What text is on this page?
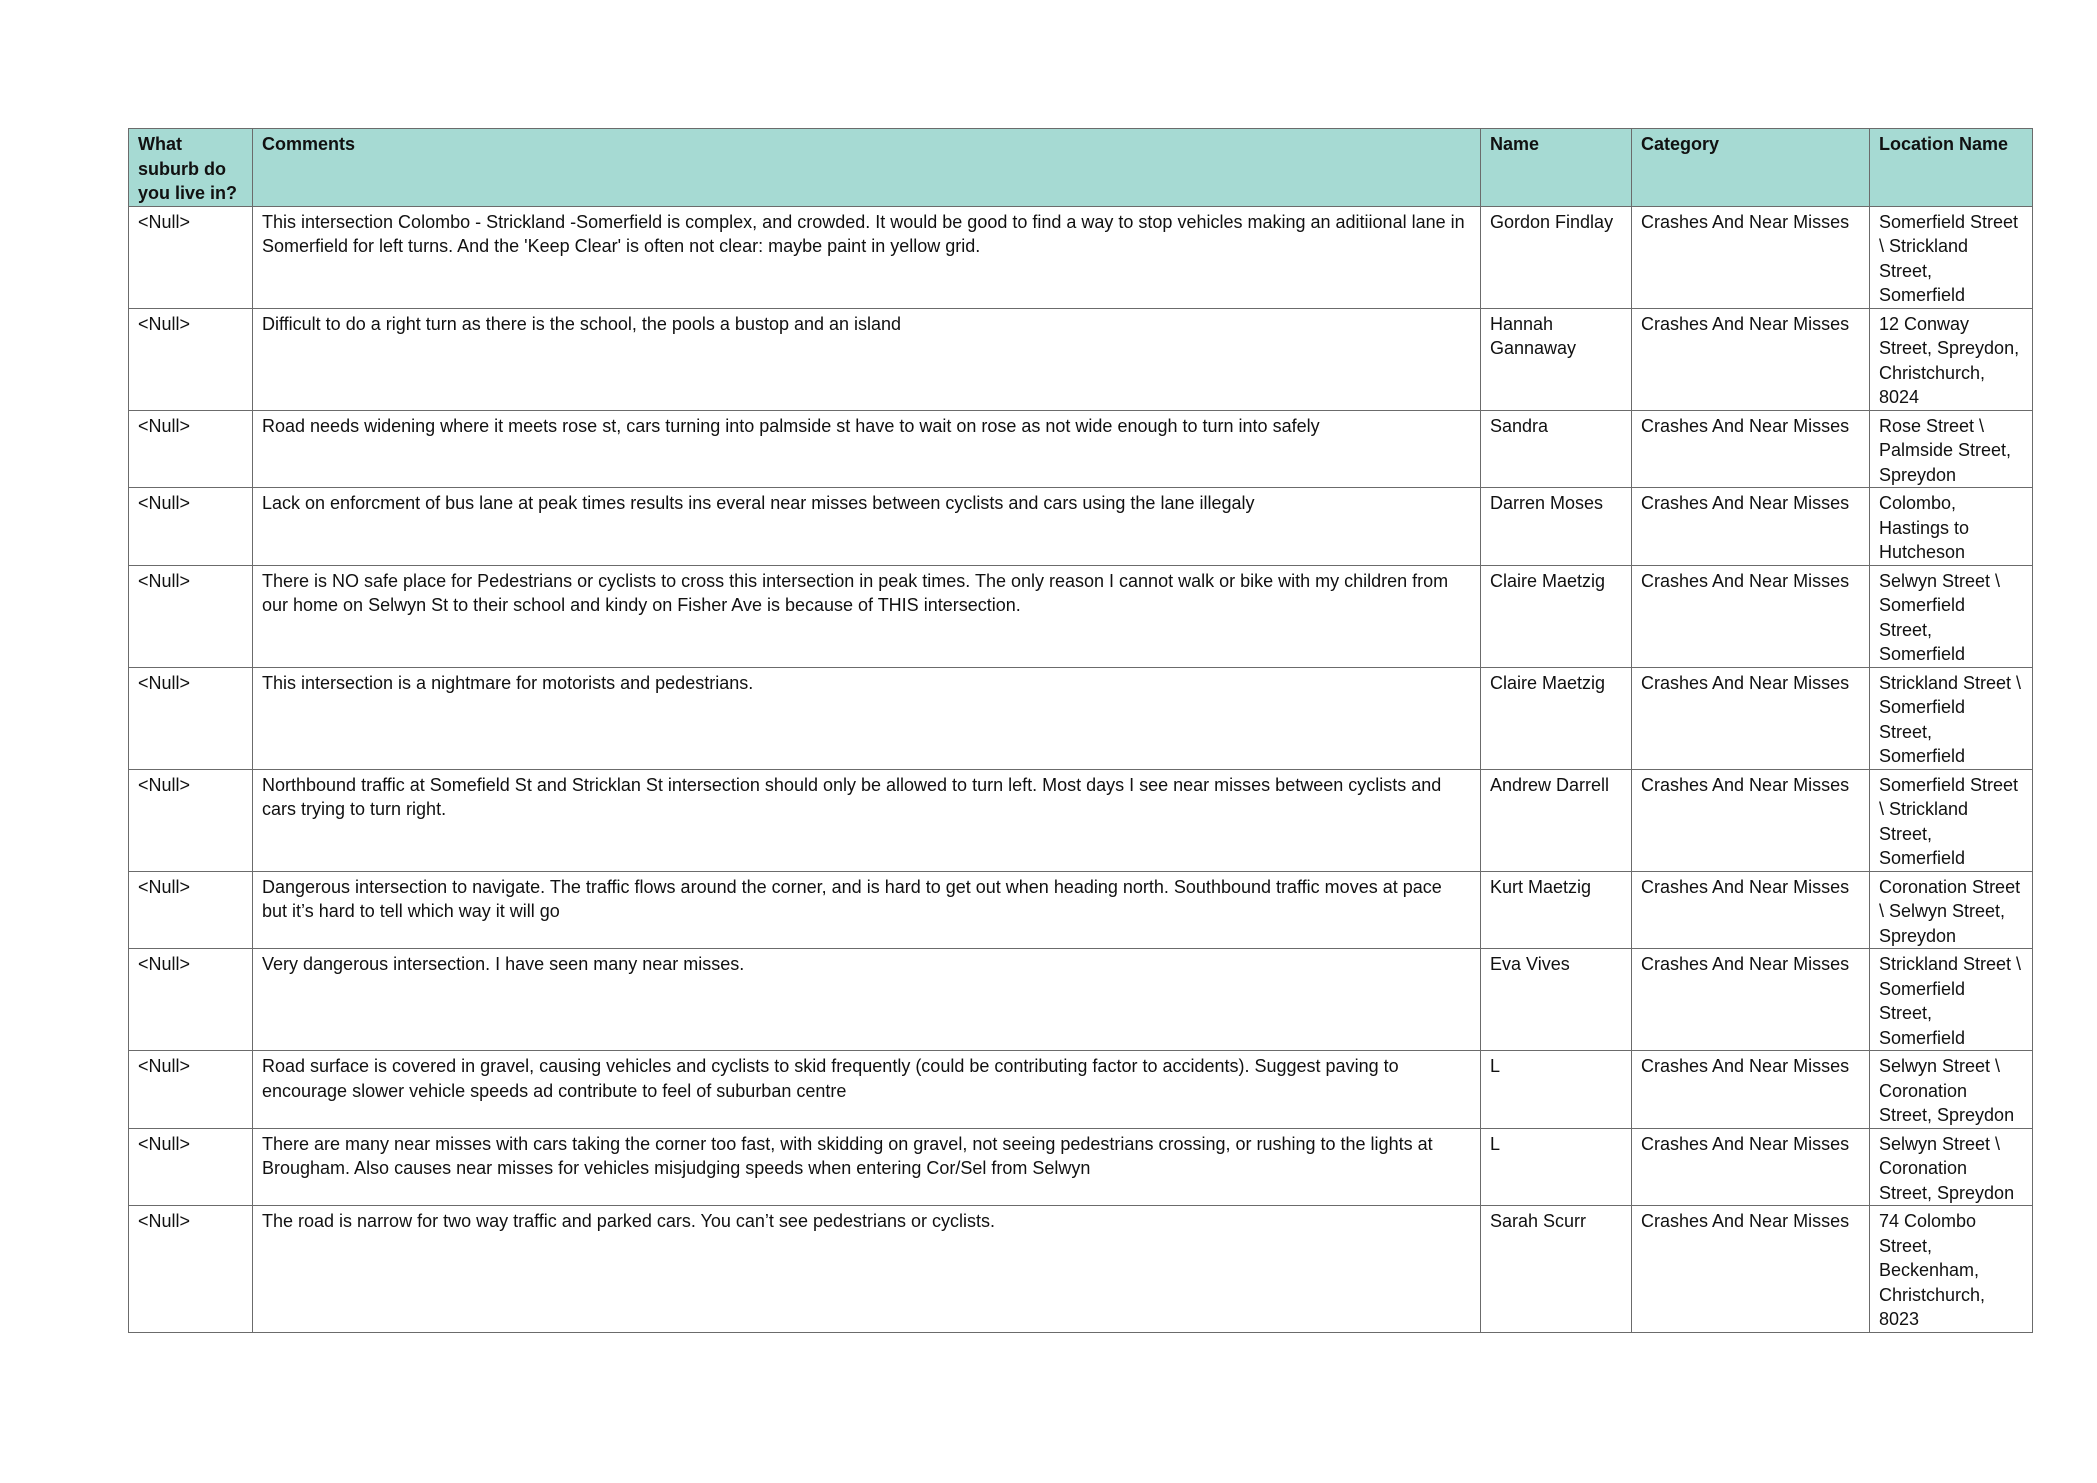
What suburb do you live in?	Comments	Name	Category	Location Name
<Null>	This intersection Colombo - Strickland -Somerfield is complex, and crowded. It would be good to find a way to stop vehicles making an aditiional lane in Somerfield for left turns. And the 'Keep Clear' is often not clear: maybe paint in yellow grid.	Gordon Findlay	Crashes And Near Misses	Somerfield Street \ Strickland Street, Somerfield
<Null>	Difficult to do a right turn as there is the school, the pools a bustop and an island	Hannah Gannaway	Crashes And Near Misses	12 Conway Street, Spreydon, Christchurch, 8024
<Null>	Road needs widening where it meets rose st, cars turning into palmside st have to wait on rose as not wide enough to turn into safely	Sandra	Crashes And Near Misses	Rose Street \ Palmside Street, Spreydon
<Null>	Lack on enforcment of bus lane at peak times results ins everal near misses between cyclists and cars using the lane illegaly	Darren Moses	Crashes And Near Misses	Colombo, Hastings to Hutcheson
<Null>	There is NO safe place for Pedestrians or cyclists to cross this intersection in peak times. The only reason I cannot walk or bike with my children from our home on Selwyn St to their school and kindy on Fisher Ave is because of THIS intersection.	Claire Maetzig	Crashes And Near Misses	Selwyn Street \ Somerfield Street, Somerfield
<Null>	This intersection is a nightmare for motorists and pedestrians.	Claire Maetzig	Crashes And Near Misses	Strickland Street \ Somerfield Street, Somerfield
<Null>	Northbound traffic at Somefield St and Stricklan St intersection should only be allowed to turn left. Most days I see near misses between cyclists and cars trying to turn right.	Andrew Darrell	Crashes And Near Misses	Somerfield Street \ Strickland Street, Somerfield
<Null>	Dangerous intersection to navigate. The traffic flows around the corner, and is hard to get out when heading north. Southbound traffic moves at pace but it’s hard to tell which way it will go	Kurt Maetzig	Crashes And Near Misses	Coronation Street \ Selwyn Street, Spreydon
<Null>	Very dangerous intersection. I have seen many near misses.	Eva Vives	Crashes And Near Misses	Strickland Street \ Somerfield Street, Somerfield
<Null>	Road surface is covered in gravel, causing vehicles and cyclists to skid frequently (could be contributing factor to accidents). Suggest paving to encourage slower vehicle speeds ad contribute to feel of suburban centre	L	Crashes And Near Misses	Selwyn Street \ Coronation Street, Spreydon
<Null>	There are many near misses with cars taking the corner too fast, with skidding on gravel, not seeing pedestrians crossing, or rushing to the lights at Brougham. Also causes near misses for vehicles misjudging speeds when entering Cor/Sel from Selwyn	L	Crashes And Near Misses	Selwyn Street \ Coronation Street, Spreydon
<Null>	The road is narrow for two way traffic and parked cars. You can’t see pedestrians or cyclists.	Sarah Scurr	Crashes And Near Misses	74 Colombo Street, Beckenham, Christchurch, 8023
